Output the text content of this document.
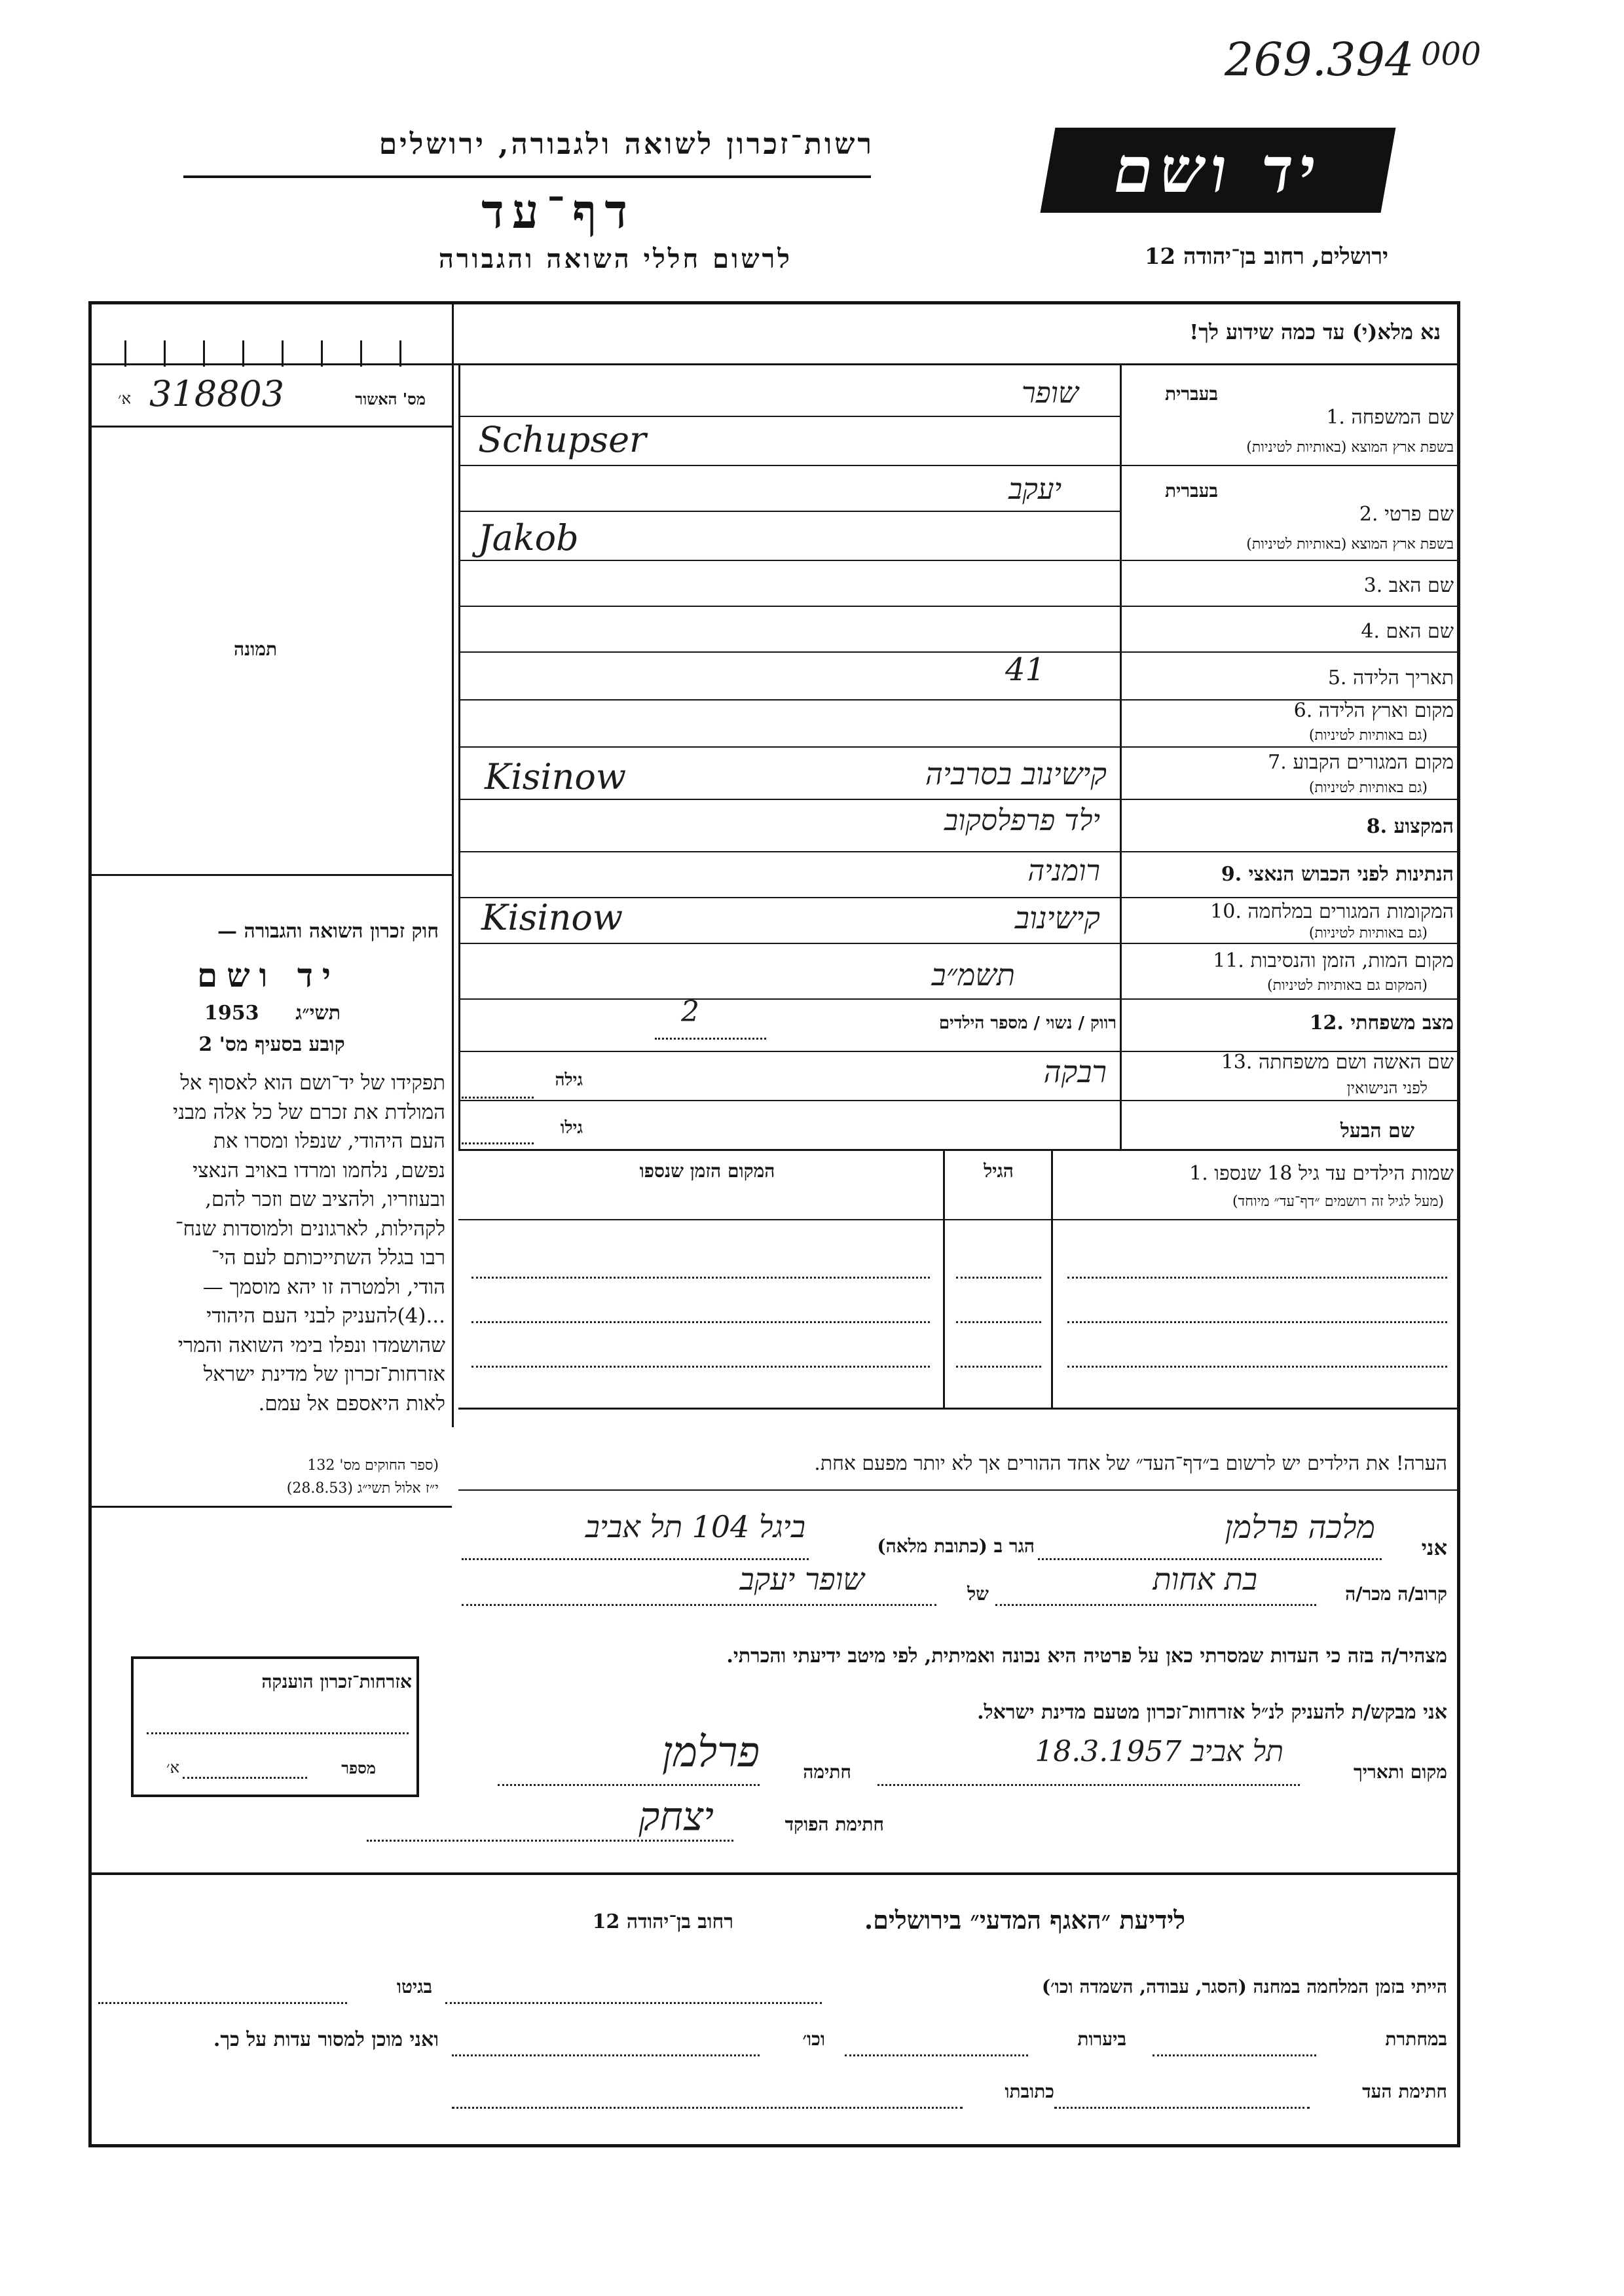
269.394 000
רשות־זכרון לשואה ולגבורה, ירושלים
דף־עד
לרשום חללי השואה והגבורה
יד ושם
ירושלים, רחוב בן־יהודה 12
נא מלא(י) עד כמה שידוע לך!
מס' האשור
א׳ 318803
תמונה
חוק זכרון השואה והגבורה —
יד ושם
1953	תשי״ג
קובע בסעיף מס' 2
תפקידו של יד־ושם הוא לאסוף אל
המולדת את זכרם של כל אלה מבני
העם היהודי, שנפלו ומסרו את
נפשם, נלחמו ומרדו באויב הנאצי
ובעוזריו, ולהציב שם וזכר להם,
לקהילות, לארגונים ולמוסדות שנח־
רבו בגלל השתייכותם לעם הי־
הודי, ולמטרה זו יהא מוסמך —
...(4)להעניק לבני העם היהודי
שהושמדו ונפלו בימי השואה והמרי
אזרחות־זכרון של מדינת ישראל
לאות היאספם אל עמם.
(ספר החוקים מס' 132
י״ז אלול תשי״ג (28.8.53)
בעברית
שם המשפחה .1
בשפת ארץ המוצא (באותיות לטיניות)
שופר
Schupser
בעברית
שם פרטי .2
בשפת ארץ המוצא (באותיות לטיניות)
יעקב
Jakob
שם האב .3
שם האם .4
תאריך הלידה .5
41
מקום וארץ הלידה .6
(גם באותיות לטיניות)
מקום המגורים הקבוע .7
(גם באותיות לטיניות)
קישינוב בסרביה
Kisinow
המקצוע .8
ילד פרפלסקוב
הנתינות לפני הכבוש הנאצי .9
רומניה
המקומות המגורים במלחמה .10
(גם באותיות לטיניות)
קישינוב
Kisinow
מקום המות, הזמן והנסיבות .11
(המקום גם באותיות לטיניות)
תשמ״ב
מצב משפחתי .12
רווק / נשוי / מספר הילדים
2
שם האשה ושם משפחתה .13
לפני הנישואין
רבקה
גילה
שם הבעל
גילו
שמות הילדים עד גיל 18 שנספו .1
(מעל לגיל זה רושמים ״דף־עד״ מיוחד)
הגיל
המקום הזמן שנספו
הערה! את הילדים יש לרשום ב״דף־העד״ של אחד ההורים אך לא יותר מפעם אחת.
אני
מלכה פרלמן
הגר ב (כתובת מלאה)
ביגל 104 תל אביב
קרוב/ה מכר/ה
בת אחות
של
שופר יעקב
מצהיר/ה בזה כי העדות שמסרתי כאן על פרטיה היא נכונה ואמיתית, לפי מיטב ידיעתי והכרתי.
אני מבקש/ת להעניק לנ״ל אזרחות־זכרון מטעם מדינת ישראל.
מקום ותאריך
תל אביב 18.3.1957
חתימה
פרלמן
חתימת הפוקד
יצחק
אזרחות־זכרון הוענקה
מספר
א׳
לידיעת ״האגף המדעי״ בירושלים.
רחוב בן־יהודה 12
הייתי בזמן המלחמה במחנה (הסגר, עבודה, השמדה וכו׳)
בגיטו
במחתרת
ביערות
וכו׳
ואני מוכן למסור עדות על כך.
חתימת העד
כתובתו
